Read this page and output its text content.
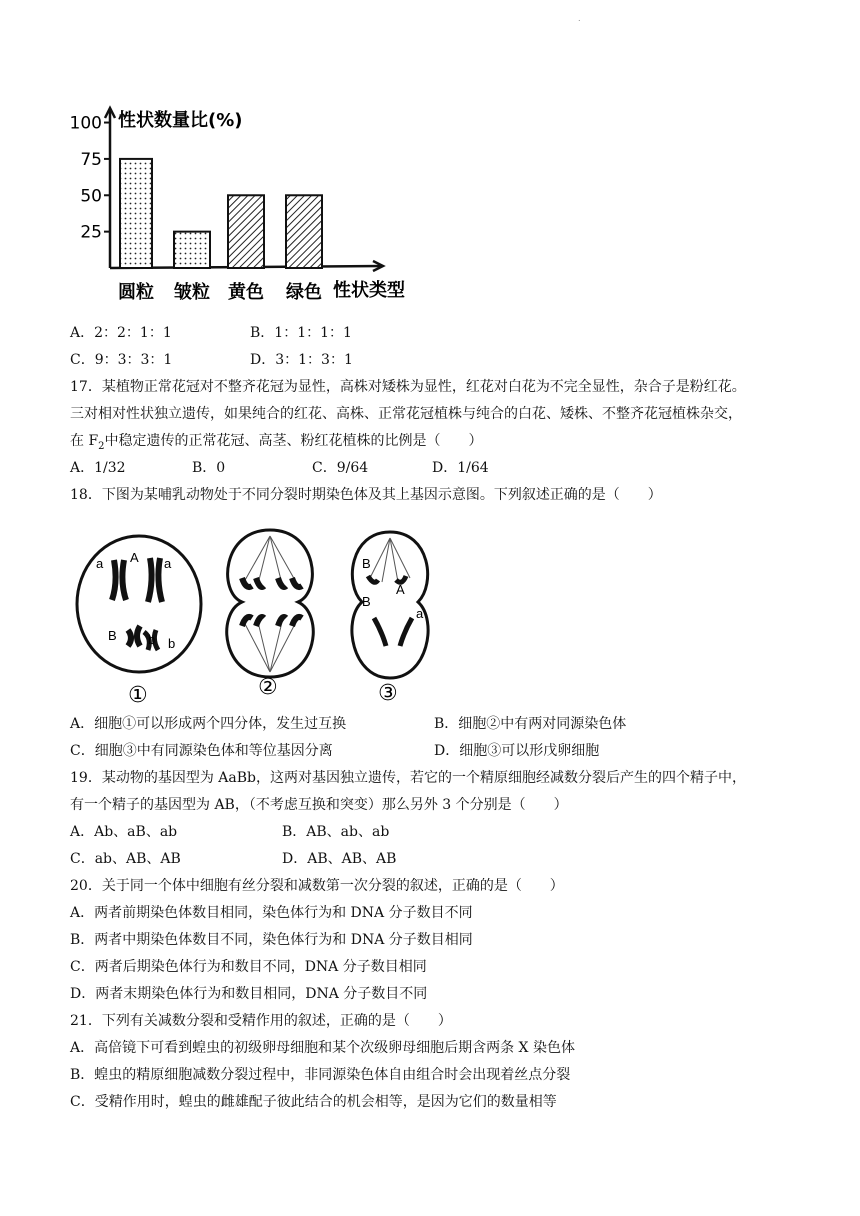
.
100
75
50
25
性状数量比(%)
圆粒 皱粒 黄色 绿色 性状类型
A．2：2：1：1	B．1：1：1：1
C．9：3：3：1	D．3：1：3：1
17．某植物正常花冠对不整齐花冠为显性，高株对矮株为显性，红花对白花为不完全显性，杂合子是粉红花。
三对相对性状独立遗传，如果纯合的红花、高株、正常花冠植株与纯合的白花、矮株、不整齐花冠植株杂交，
在 $F_2$中稳定遗传的正常花冠、高茎、粉红花植株的比例是（　　）
A．1/32	B．0	C．9/64	D．1/64
18．下图为某哺乳动物处于不同分裂时期染色体及其上基因示意图。下列叙述正确的是（　　）
a A a
B b b
①	②
B
A
B
a
③
A．细胞①可以形成两个四分体，发生过互换	B．细胞②中有两对同源染色体
C．细胞③中有同源染色体和等位基因分离	D．细胞③可以形戊卵细胞
19．某动物的基因型为 AaBb，这两对基因独立遗传，若它的一个精原细胞经减数分裂后产生的四个精子中，
有一个精子的基因型为 AB，（不考虑互换和突变）那么另外 3 个分别是（　　）
A．Ab、aB、ab	B．AB、ab、ab
C．ab、AB、AB	D．AB、AB、AB
20．关于同一个体中细胞有丝分裂和减数第一次分裂的叙述，正确的是（　　）
A．两者前期染色体数目相同，染色体行为和 DNA 分子数目不同
B．两者中期染色体数目不同，染色体行为和 DNA 分子数目相同
C．两者后期染色体行为和数目不同，DNA 分子数目相同
D．两者末期染色体行为和数目相同，DNA 分子数目不同
21．下列有关减数分裂和受精作用的叙述，正确的是（　　）
A．高倍镜下可看到蝗虫的初级卵母细胞和某个次级卵母细胞后期含两条 X 染色体
B．蝗虫的精原细胞减数分裂过程中，非同源染色体自由组合时会出现着丝点分裂
C．受精作用时，蝗虫的雌雄配子彼此结合的机会相等，是因为它们的数量相等
